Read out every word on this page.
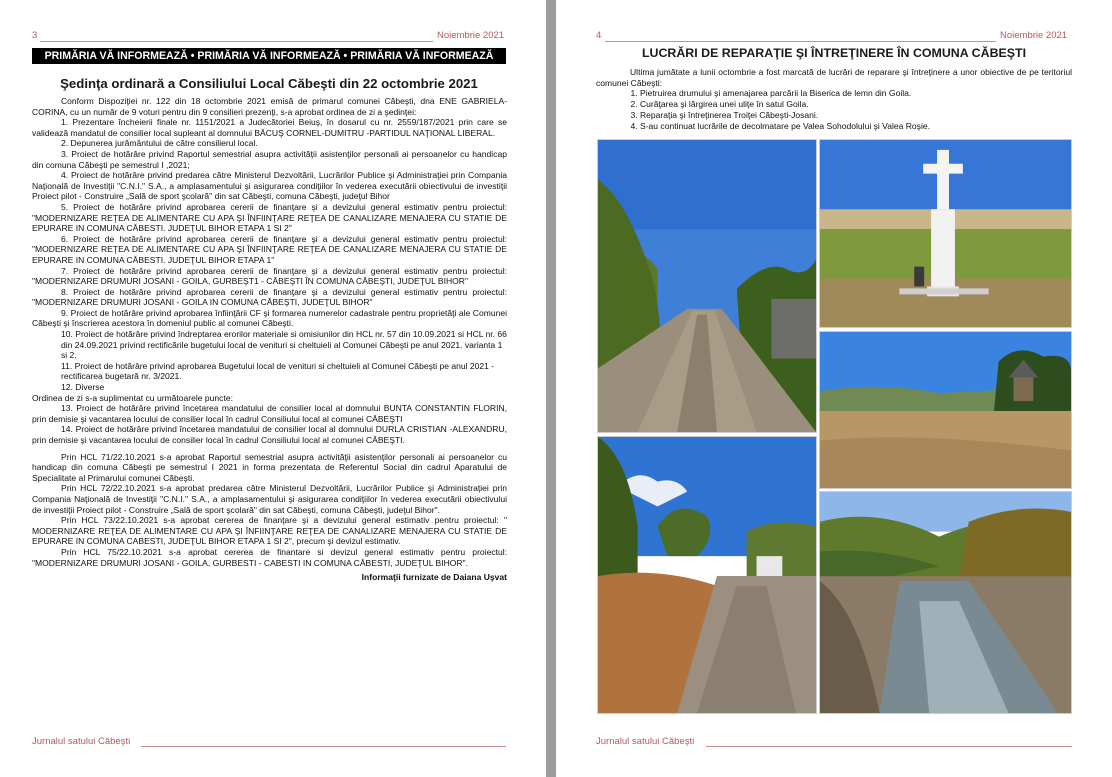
3	Noiembrie 2021
PRIMĂRIA VĂ INFORMEAZĂ • PRIMĂRIA VĂ INFORMEAZĂ • PRIMĂRIA VĂ INFORMEAZĂ
Şedinţa ordinară a Consiliului Local Căbeşti din 22 octombrie 2021

Conform Dispoziţiei nr. 122 din 18 octombrie 2021 emisă de primarul comunei Căbeşti, dna ENE GABRIELA-CORINA, cu un număr de 9 voturi pentru din 9 consilieri prezenţi, s-a aprobat ordinea de zi a şedinţei:

1. Prezentare încheierii finale nr. 1151/2021 a Judecătoriei Beiuş, în dosarul cu nr. 2559/187/2021 prin care se validează mandatul de consilier local supleant al domnului BĂCUŞ CORNEL-DUMITRU -PARTIDUL NAŢIONAL LIBERAL.

2. Depunerea jurământului de către consilierul local.

3. Proiect de hotărâre privind Raportul semestrial asupra activităţii asistenţilor personali ai persoanelor cu handicap din comuna Căbeşti pe semestrul I ,2021;

4. Proiect de hotărâre privind predarea către Ministerul Dezvoltării, Lucrărilor Publice şi Administraţiei prin Compania Naţională de Investiţii "C.N.I." S.A., a amplasamentului şi asigurarea condiţiilor în vederea executării obiectivului de investiţii Proiect pilot - Construire „Sală de sport şcolară" din sat Căbeşti, comuna Căbeşti, judeţul Bihor

5. Proiect de hotărâre privind aprobarea cererii de finanţare şi a devizului general estimativ pentru proiectul: "MODERNIZARE REŢEA DE ALIMENTARE CU APA ŞI ÎNFIINŢARE REŢEA DE CANALIZARE MENAJERA CU STATIE DE EPURARE IN COMUNA CĂBESTI. JUDEŢUL BIHOR ETAPA 1 SI 2"

6. Proiect de hotărâre privind aprobarea cererii de finanţare şi a devizului general estimativ pentru proiectul: "MODERNIZARE REŢEA DE ALIMENTARE CU APA ŞI ÎNFIINŢARE REŢEA DE CANALIZARE MENAJERA CU STATIE DE EPURARE IN COMUNA CĂBESTI. JUDEŢUL BIHOR ETAPA 1"

7. Proiect de hotărâre privind aprobarea cererii de finanţare şi a devizului general estimativ pentru proiectul: "MODERNIZARE DRUMURI JOSANI - GOILA, GURBEŞT1 - CĂBEŞTI ÎN COMUNA CĂBEŞTI, JUDEŢUL BIHOR"

8. Proiect de hotărâre privind aprobarea cererii de finanţare şi a devizului general estimativ pentru proiectul: "MODERNIZARE DRUMURI JOSANI - GOILA IN COMUNA CĂBEŞTI, JUDEŢUL BIHOR"

9. Proiect de hotărâre privind aprobarea înfiinţării CF şi formarea numerelor cadastrale pentru proprietăţi ale Comunei Căbeşti şi înscrierea acestora în domeniul public al comunei Căbeşti.

10. Proiect de hotărâre privind îndreptarea erorilor materiale si omisiunilor din HCL nr. 57 din 10.09.2021 si HCL nr. 66 din 24.09.2021 privind rectificările bugetului local de venituri si cheltuieli al Comunei Căbeşti pe anul 2021. varianta 1 si 2.

11. Proiect de hotărâre privind aprobarea Bugetului local de venituri si cheltuieli al Comunei Căbeşti pe anul 2021 - rectificarea bugetară nr. 3/2021.

12. Diverse

Ordinea de zi s-a suplimentat cu următoarele puncte:

13. Proiect de hotărâre privind încetarea mandatului de consilier local al domnului BUNTA CONSTANTIN FLORIN, prin demisie şi vacantarea locului de consilier local în cadrul Consiliului local al comunei CĂBEŞTI

14. Proiect de hotărâre privind încetarea mandatului de consilier local al domnului DURLA CRISTIAN -ALEXANDRU, prin demisie şi vacantarea locului de consilier local în cadrul Consiliului local al comunei CĂBEŞTI.

Prin HCL 71/22.10.2021 s-a aprobat Raportul semestrial asupra activităţii asistenţilor personali ai persoanelor cu handicap din comuna Căbeşti pe semestrul I 2021 in forma prezentata de Referentul Social din cadrul Aparatului de Specialitate al Primarului comunei Căbeşti.

Prin HCL 72/22.10.2021 s-a aprobat predarea către Ministerul Dezvoltării, Lucrărilor Publice şi Administraţiei prin Compania Naţională de Investiţii "C.N.I." S.A., a amplasamentului şi asigurarea condiţiilor în vederea executării obiectivului de investiţii Proiect pilot - Construire „Sală de sport şcolară" din sat Căbeşti, comuna Căbeşti, judeţul Bihor".

Prin HCL 73/22.10.2021 s-a aprobat cererea de finanţare şi a devizului general estimativ pentru proiectul: " MODERNIZARE REŢEA DE ALIMENTARE CU APA ŞI ÎNFIINŢARE REŢEA DE CANALIZARE MENAJERA CU STATIE DE EPURARE IN COMUNA CABESTI, JUDEŢUL BIHOR ETAPA 1 SI 2", precum şi devizul estimativ.

Prin HCL 75/22.10.2021 s-a aprobat cererea de finantare si devizul general estimativ pentru proiectul: "MODERNIZARE DRUMURI JOSANI - GOILA, GURBESTI - CABESTI IN COMUNA CĂBESTI, JUDEŢUL BIHOR".

Informaţii furnizate de Daiana Uşvat

Jurnalul satului Căbeşti
4	Noiembrie 2021
LUCRĂRI DE REPARAŢIE ŞI ÎNTREŢINERE ÎN COMUNA CĂBEŞTI

Ultima jumătate a lunii octombrie a fost marcată de lucrări de reparare şi întreţinere a unor obiective de pe teritoriul comunei Căbeşti:

1. Pietruirea drumului şi amenajarea parcării la Biserica de lemn din Goila.
2. Curăţarea şi lărgirea unei uliţe în satul Goila.
3. Reparaţia şi întreţinerea Troiţei Căbeşti-Josani.
4. S-au continuat lucrările de decolmatare pe Valea Sohodolului şi Valea Roşie.
Jurnalul satului Căbeşti
